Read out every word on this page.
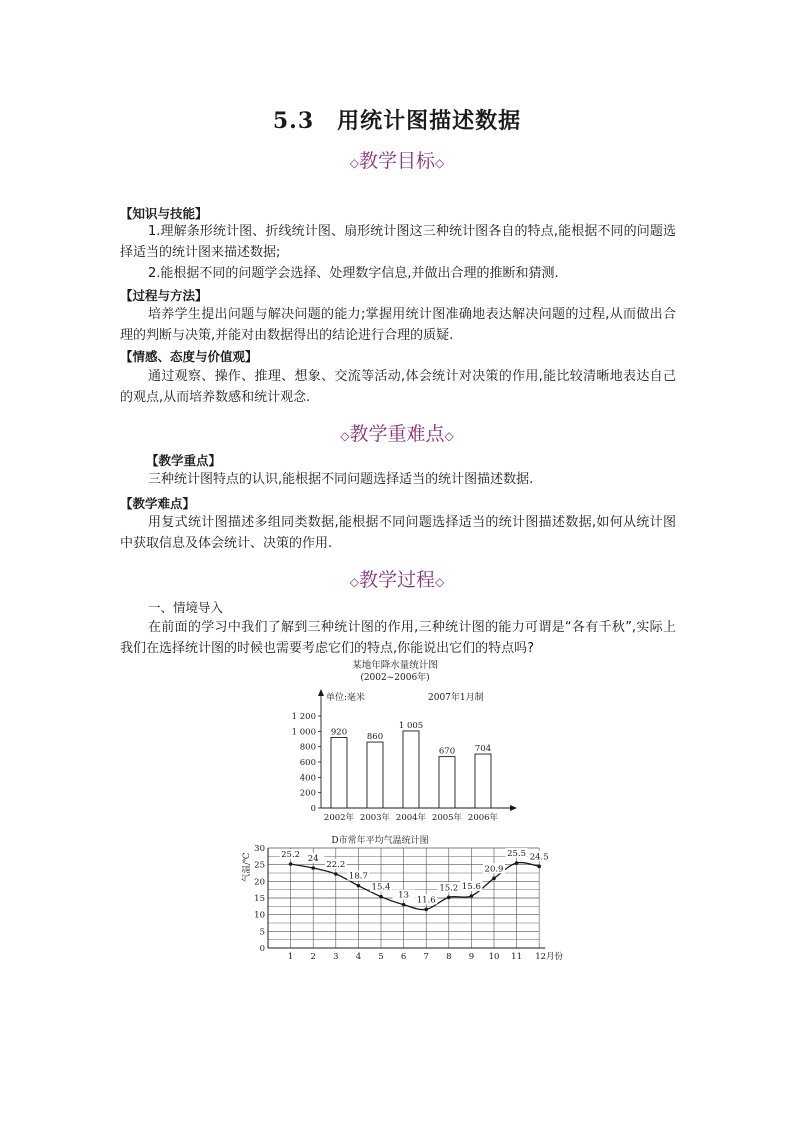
5.3　用统计图描述数据
◇教学目标◇
【知识与技能】

1.理解条形统计图、折线统计图、扇形统计图这三种统计图各自的特点,能根据不同的问题选择适当的统计图来描述数据;

2.能根据不同的问题学会选择、处理数字信息,并做出合理的推断和猜测.

【过程与方法】

培养学生提出问题与解决问题的能力;掌握用统计图准确地表达解决问题的过程,从而做出合理的判断与决策,并能对由数据得出的结论进行合理的质疑.

【情感、态度与价值观】

通过观察、操作、推理、想象、交流等活动,体会统计对决策的作用,能比较清晰地表达自己的观点,从而培养数感和统计观念.

◇教学重难点◇
【教学重点】

三种统计图特点的认识,能根据不同问题选择适当的统计图描述数据.

【教学难点】

用复式统计图描述多组同类数据,能根据不同问题选择适当的统计图描述数据,如何从统计图中获取信息及体会统计、决策的作用.

◇教学过程◇
一、情境导入

在前面的学习中我们了解到三种统计图的作用,三种统计图的能力可谓是“各有千秋”,实际上我们在选择统计图的时候也需要考虑它们的特点,你能说出它们的特点吗?

某地年降水量统计图
(2002~2006年)
单位:毫米	2007年1月制
0
200
400
600
800
1 000
1 200
920
2002年
860
2003年
1 005
2004年
670
2005年
704
2006年
D市常年平均气温统计图
气温/℃
0
5
10
15
20
25
30
1 2 3 4 5 6 7 8 9 10 11 12月份
25.2 24
22.2
18.7
15.4
13 11.6
15.2 15.6
20.9
25.5 24.5
